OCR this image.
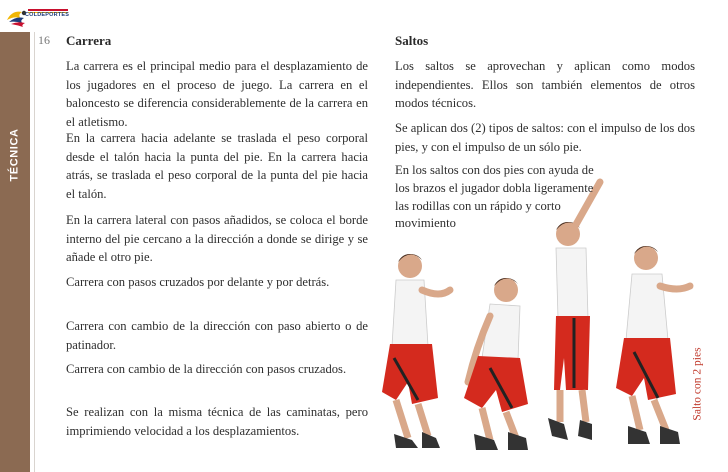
COLDEPORTES
TÉCNICA
16 Carrera

La carrera es el principal medio para el desplazamiento de los jugadores en el proceso de juego. La carrera en el baloncesto se diferencia considerablemente de la carrera en el atletismo.

En la carrera hacia adelante se traslada el peso corporal desde el talón hacia la punta del pie. En la carrera hacia atrás, se traslada el peso corporal de la punta del pie hacia el talón.

En la carrera lateral con pasos añadidos, se coloca el borde interno del pie cercano a la dirección a donde se dirige y se añade el otro pie.

Carrera con pasos cruzados por delante y por detrás.

Carrera con cambio de la dirección con paso abierto o de patinador.

Carrera con cambio de la dirección con pasos cruzados.

Se realizan con la misma técnica de las caminatas, pero imprimiendo velocidad a los desplazamientos.

Saltos

Los saltos se aprovechan y aplican como modos independientes. Ellos son también elementos de otros modos técnicos.

Se aplican dos (2) tipos de saltos: con el impulso de los dos pies, y con el impulso de un sólo pie.

En los saltos con dos pies con ayuda de los brazos el jugador dobla ligeramente las rodillas con un rápido y corto movimiento

Salto con 2 pies
